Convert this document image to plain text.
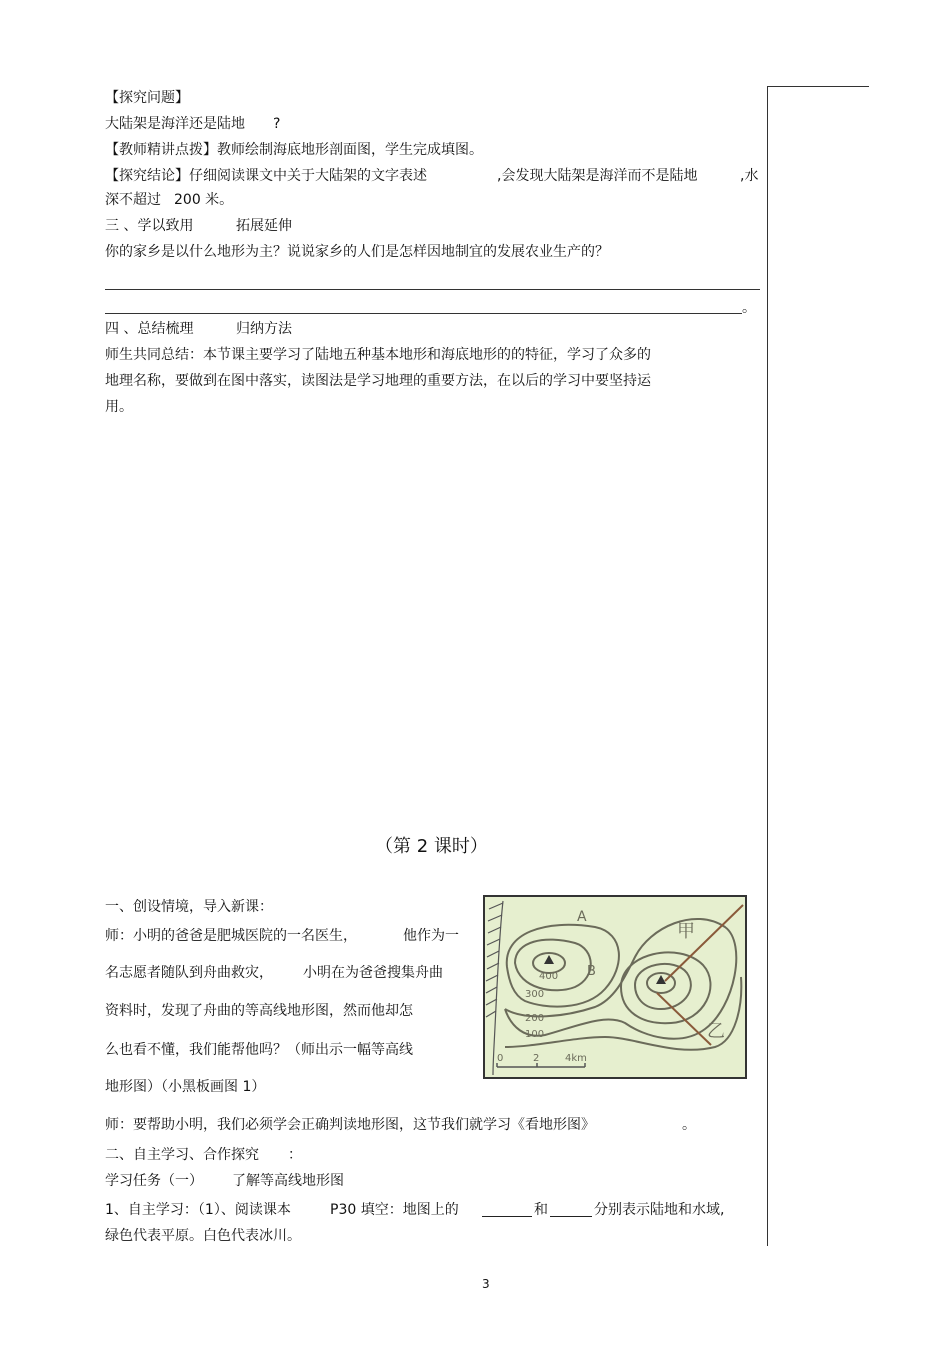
【探究问题】
大陆架是海洋还是陆地 ?
【教师精讲点拨】教师绘制海底地形剖面图，学生完成填图。
【探究结论】仔细阅读课文中关于大陆架的文字表述	,会发现大陆架是海洋而不是陆地	,水
深不超过 200 米。
三 、学以致用	拓展延伸
你的家乡是以什么地形为主？说说家乡的人们是怎样因地制宜的发展农业生产的？
。
四 、总结梳理	归纳方法
师生共同总结：本节课主要学习了陆地五种基本地形和海底地形的的特征，学习了众多的
地理名称，要做到在图中落实，读图法是学习地理的重要方法，在以后的学习中要坚持运
用。
（第 2 课时）
一、创设情境，导入新课：
师：小明的爸爸是肥城医院的一名医生，	他作为一
名志愿者随队到舟曲救灾， 小明在为爸爸搜集舟曲
资料时，发现了舟曲的等高线地形图，然而他却怎
么也看不懂，我们能帮他吗？（师出示一幅等高线
地形图）（小黑板画图 1）
A
B
甲
乙
400
300
200
100
0	2	4km
师：要帮助小明，我们必须学会正确判读地形图，这节我们就学习《看地形图》	。
二、自主学习、合作探究 ：
学习任务（一） 了解等高线地形图
1、自主学习：（1）、阅读课本	P30 填空：地图上的	和	分别表示陆地和水域,
绿色代表平原。白色代表冰川。
3
